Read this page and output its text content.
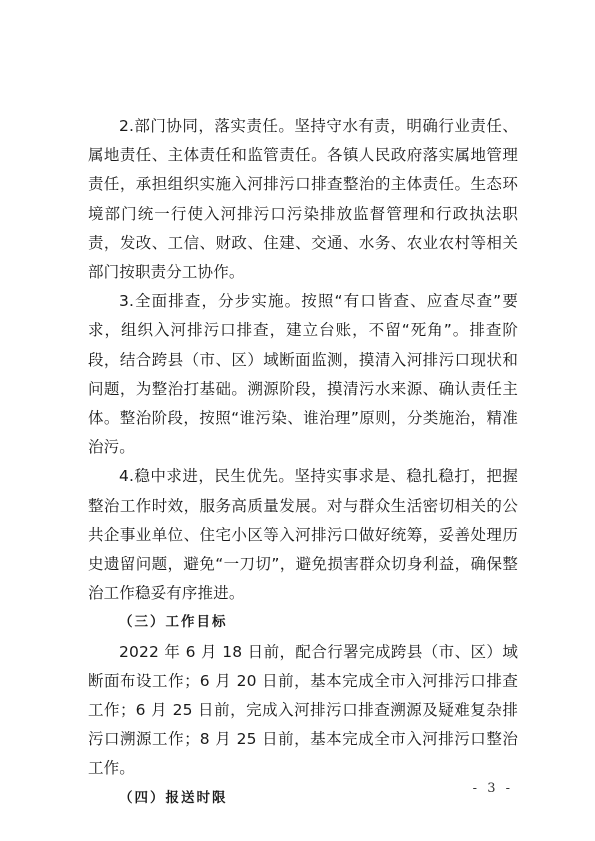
2.部门协同，落实责任。坚持守水有责，明确行业责任、属地责任、主体责任和监管责任。各镇人民政府落实属地管理责任，承担组织实施入河排污口排查整治的主体责任。生态环境部门统一行使入河排污口污染排放监督管理和行政执法职责，发改、工信、财政、住建、交通、水务、农业农村等相关部门按职责分工协作。

3.全面排查，分步实施。按照“有口皆查、应查尽查”要求，组织入河排污口排查，建立台账，不留“死角”。排查阶段，结合跨县（市、区）域断面监测，摸清入河排污口现状和问题，为整治打基础。溯源阶段，摸清污水来源、确认责任主体。整治阶段，按照“谁污染、谁治理”原则，分类施治，精准治污。

4.稳中求进，民生优先。坚持实事求是、稳扎稳打，把握整治工作时效，服务高质量发展。对与群众生活密切相关的公共企事业单位、住宅小区等入河排污口做好统筹，妥善处理历史遗留问题，避免“一刀切”，避免损害群众切身利益，确保整治工作稳妥有序推进。

（三）工作目标

2022 年 6 月 18 日前，配合行署完成跨县（市、区）域断面布设工作；6 月 20 日前，基本完成全市入河排污口排查工作；6 月 25 日前，完成入河排污口排查溯源及疑难复杂排污口溯源工作；8 月 25 日前，基本完成全市入河排污口整治工作。

（四）报送时限

- 3 -
